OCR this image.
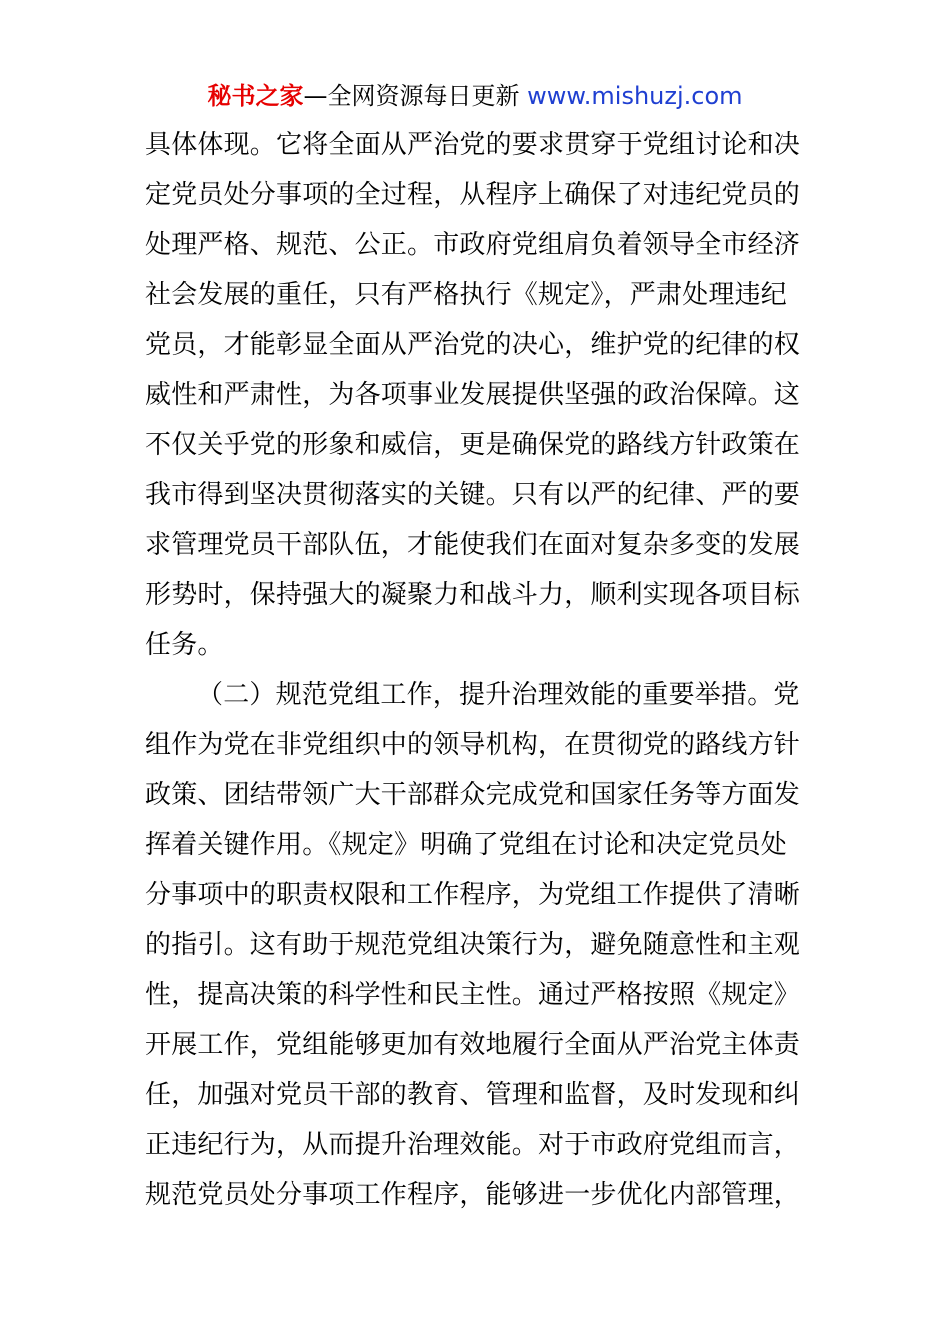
秘书之家—全网资源每日更新 www.mishuzj.com
具体体现。它将全面从严治党的要求贯穿于党组讨论和决
定党员处分事项的全过程，从程序上确保了对违纪党员的
处理严格、规范、公正。市政府党组肩负着领导全市经济
社会发展的重任，只有严格执行《规定》，严肃处理违纪
党员，才能彰显全面从严治党的决心，维护党的纪律的权
威性和严肃性，为各项事业发展提供坚强的政治保障。这
不仅关乎党的形象和威信，更是确保党的路线方针政策在
我市得到坚决贯彻落实的关键。只有以严的纪律、严的要
求管理党员干部队伍，才能使我们在面对复杂多变的发展
形势时，保持强大的凝聚力和战斗力，顺利实现各项目标
任务。
（二）规范党组工作，提升治理效能的重要举措。党
组作为党在非党组织中的领导机构，在贯彻党的路线方针
政策、团结带领广大干部群众完成党和国家任务等方面发
挥着关键作用。《规定》明确了党组在讨论和决定党员处
分事项中的职责权限和工作程序，为党组工作提供了清晰
的指引。这有助于规范党组决策行为，避免随意性和主观
性，提高决策的科学性和民主性。通过严格按照《规定》
开展工作，党组能够更加有效地履行全面从严治党主体责
任，加强对党员干部的教育、管理和监督，及时发现和纠
正违纪行为，从而提升治理效能。对于市政府党组而言，
规范党员处分事项工作程序，能够进一步优化内部管理，
